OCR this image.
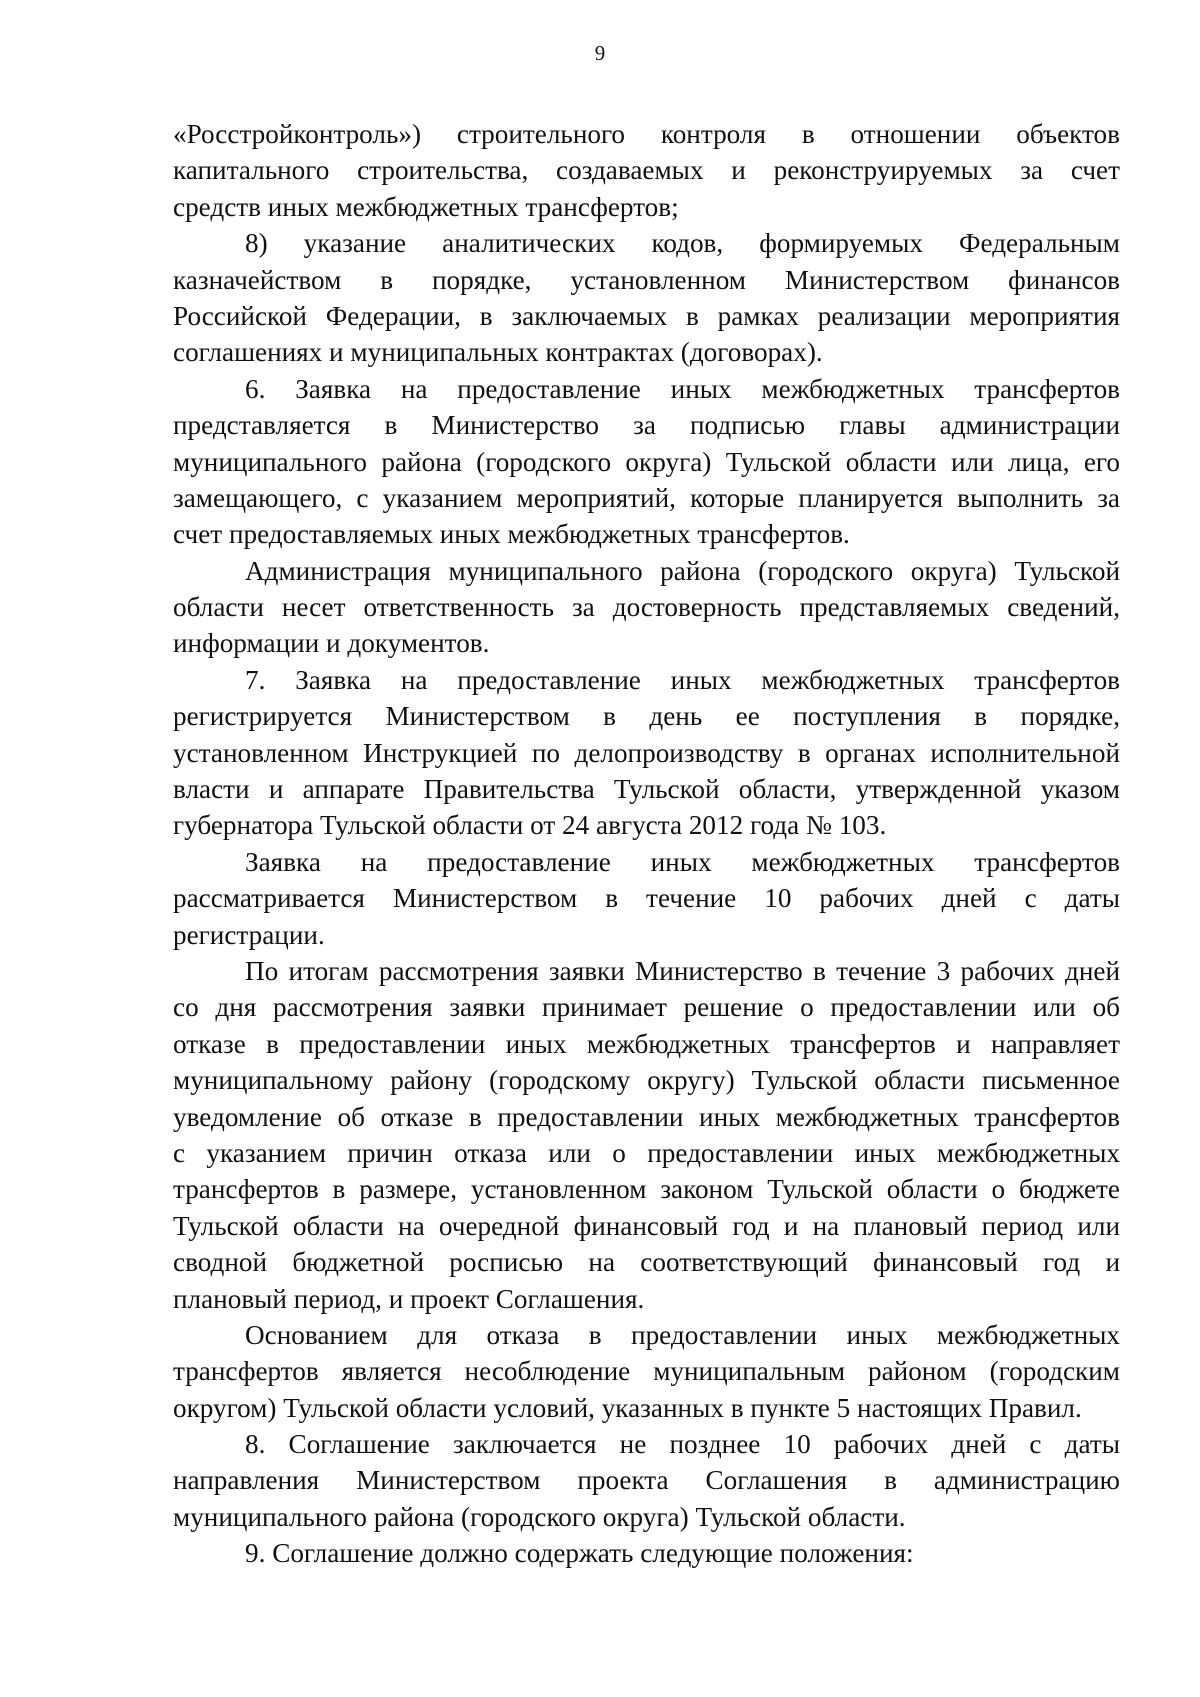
9
«Росстройконтроль») строительного контроля в отношении объектов
капитального строительства, создаваемых и реконструируемых за счет
средств иных межбюджетных трансфертов;
8) указание аналитических кодов, формируемых Федеральным
казначейством в порядке, установленном Министерством финансов
Российской Федерации, в заключаемых в рамках реализации мероприятия
соглашениях и муниципальных контрактах (договорах).
6. Заявка на предоставление иных межбюджетных трансфертов
представляется в Министерство за подписью главы администрации
муниципального района (городского округа) Тульской области или лица, его
замещающего, с указанием мероприятий, которые планируется выполнить за
счет предоставляемых иных межбюджетных трансфертов.
Администрация муниципального района (городского округа) Тульской
области несет ответственность за достоверность представляемых сведений,
информации и документов.
7. Заявка на предоставление иных межбюджетных трансфертов
регистрируется Министерством в день ее поступления в порядке,
установленном Инструкцией по делопроизводству в органах исполнительной
власти и аппарате Правительства Тульской области, утвержденной указом
губернатора Тульской области от 24 августа 2012 года № 103.
Заявка на предоставление иных межбюджетных трансфертов
рассматривается Министерством в течение 10 рабочих дней с даты
регистрации.
По итогам рассмотрения заявки Министерство в течение 3 рабочих дней
со дня рассмотрения заявки принимает решение о предоставлении или об
отказе в предоставлении иных межбюджетных трансфертов и направляет
муниципальному району (городскому округу) Тульской области письменное
уведомление об отказе в предоставлении иных межбюджетных трансфертов
с указанием причин отказа или о предоставлении иных межбюджетных
трансфертов в размере, установленном законом Тульской области о бюджете
Тульской области на очередной финансовый год и на плановый период или
сводной бюджетной росписью на соответствующий финансовый год и
плановый период, и проект Соглашения.
Основанием для отказа в предоставлении иных межбюджетных
трансфертов является несоблюдение муниципальным районом (городским
округом) Тульской области условий, указанных в пункте 5 настоящих Правил.
8. Соглашение заключается не позднее 10 рабочих дней с даты
направления Министерством проекта Соглашения в администрацию
муниципального района (городского округа) Тульской области.
9. Соглашение должно содержать следующие положения:
